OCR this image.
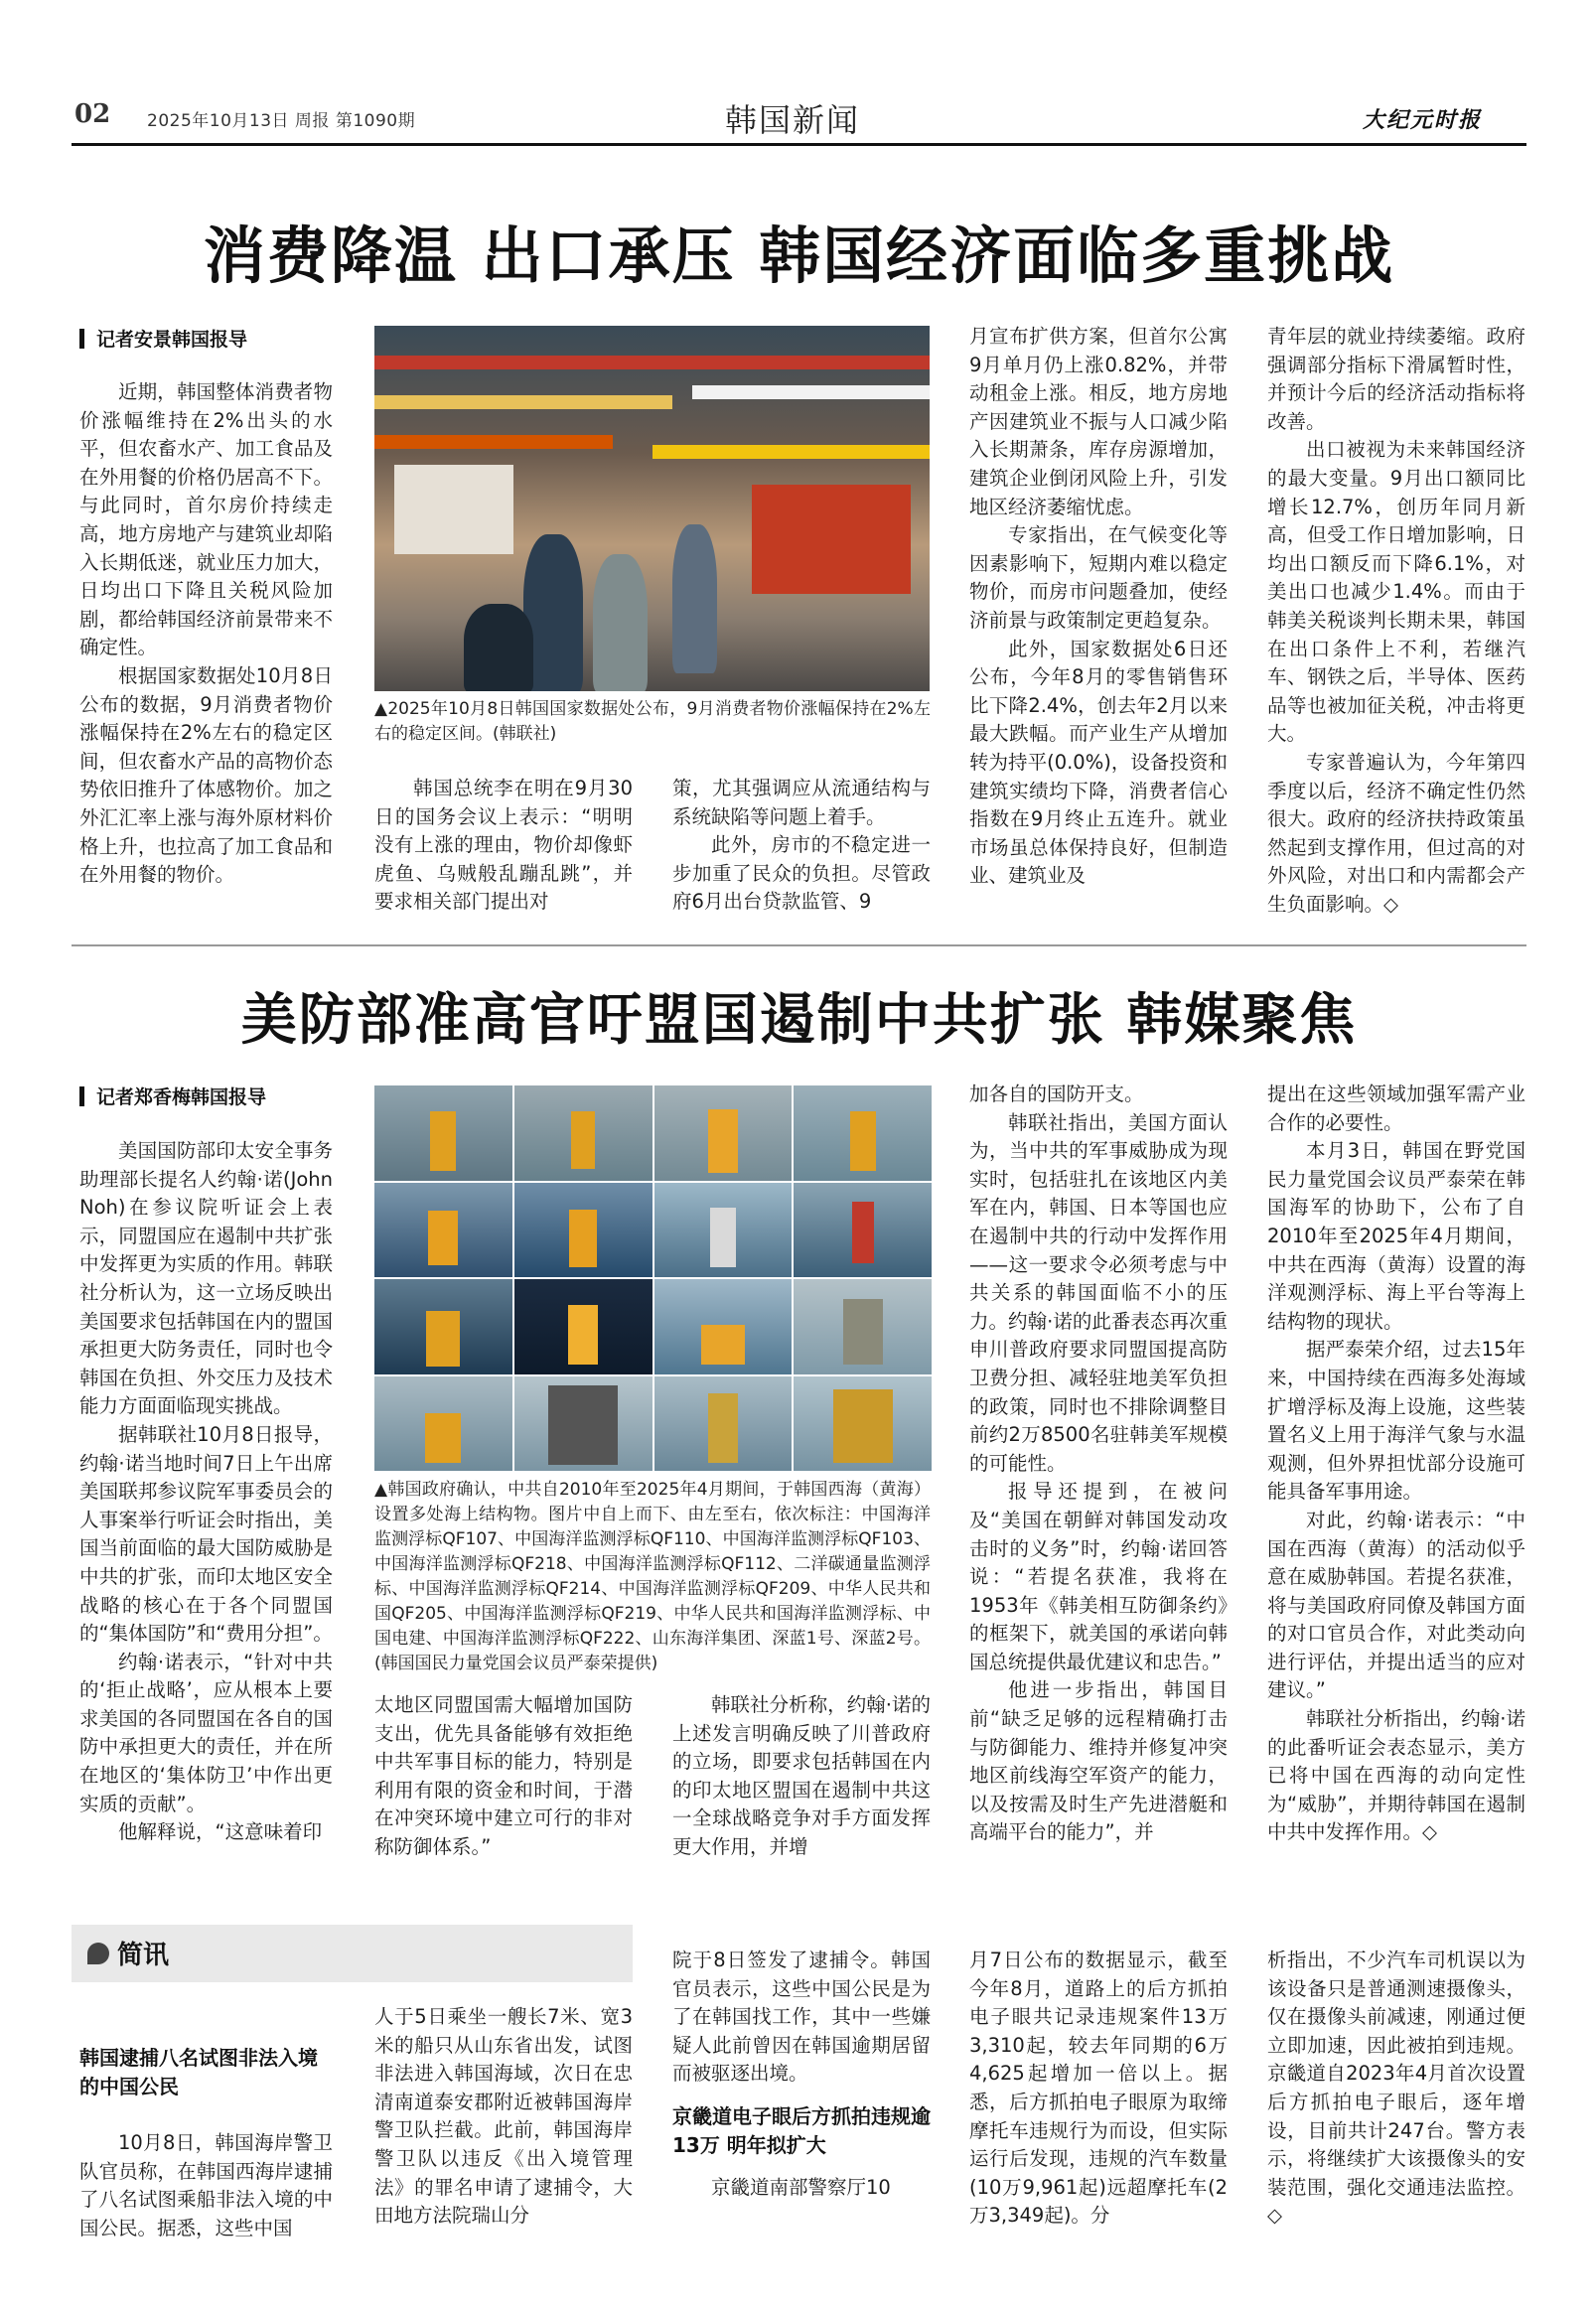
02 2025年10月13日 周报 第1090期	韩国新闻	大纪元时报
消费降温 出口承压 韩国经济面临多重挑战
记者安景韩国报导

近期，韩国整体消费者物价涨幅维持在2%出头的水平，但农畜水产、加工食品及在外用餐的价格仍居高不下。与此同时，首尔房价持续走高，地方房地产与建筑业却陷入长期低迷，就业压力加大，日均出口下降且关税风险加剧，都给韩国经济前景带来不确定性。

根据国家数据处10月8日公布的数据，9月消费者物价涨幅保持在2%左右的稳定区间，但农畜水产品的高物价态势依旧推升了体感物价。加之外汇汇率上涨与海外原材料价格上升，也拉高了加工食品和在外用餐的物价。

▲2025年10月8日韩国国家数据处公布，9月消费者物价涨幅保持在2%左右的稳定区间。(韩联社)

韩国总统李在明在9月30日的国务会议上表示：“明明没有上涨的理由，物价却像虾虎鱼、乌贼般乱蹦乱跳”，并要求相关部门提出对

策，尤其强调应从流通结构与系统缺陷等问题上着手。

此外，房市的不稳定进一步加重了民众的负担。尽管政府6月出台贷款监管、9

月宣布扩供方案，但首尔公寓9月单月仍上涨0.82%，并带动租金上涨。相反，地方房地产因建筑业不振与人口减少陷入长期萧条，库存房源增加，建筑企业倒闭风险上升，引发地区经济萎缩忧虑。

专家指出，在气候变化等因素影响下，短期内难以稳定物价，而房市问题叠加，使经济前景与政策制定更趋复杂。

此外，国家数据处6日还公布，今年8月的零售销售环比下降2.4%，创去年2月以来最大跌幅。而产业生产从增加转为持平(0.0%)，设备投资和建筑实绩均下降，消费者信心指数在9月终止五连升。就业市场虽总体保持良好，但制造业、建筑业及

青年层的就业持续萎缩。政府强调部分指标下滑属暂时性，并预计今后的经济活动指标将改善。

出口被视为未来韩国经济的最大变量。9月出口额同比增长12.7%，创历年同月新高，但受工作日增加影响，日均出口额反而下降6.1%，对美出口也减少1.4%。而由于韩美关税谈判长期未果，韩国在出口条件上不利，若继汽车、钢铁之后，半导体、医药品等也被加征关税，冲击将更大。

专家普遍认为，今年第四季度以后，经济不确定性仍然很大。政府的经济扶持政策虽然起到支撑作用，但过高的对外风险，对出口和内需都会产生负面影响。◇

美防部准高官吁盟国遏制中共扩张 韩媒聚焦
记者郑香梅韩国报导

美国国防部印太安全事务助理部长提名人约翰·诺(John Noh)在参议院听证会上表示，同盟国应在遏制中共扩张中发挥更为实质的作用。韩联社分析认为，这一立场反映出美国要求包括韩国在内的盟国承担更大防务责任，同时也令韩国在负担、外交压力及技术能力方面面临现实挑战。

据韩联社10月8日报导，约翰·诺当地时间7日上午出席美国联邦参议院军事委员会的人事案举行听证会时指出，美国当前面临的最大国防威胁是中共的扩张，而印太地区安全战略的核心在于各个同盟国的“集体国防”和“费用分担”。

约翰·诺表示，“针对中共的‘拒止战略’，应从根本上要求美国的各同盟国在各自的国防中承担更大的责任，并在所在地区的‘集体防卫’中作出更实质的贡献”。

他解释说，“这意味着印

▲韩国政府确认，中共自2010年至2025年4月期间，于韩国西海（黄海）设置多处海上结构物。图片中自上而下、由左至右，依次标注：中国海洋监测浮标QF107、中国海洋监测浮标QF110、中国海洋监测浮标QF103、中国海洋监测浮标QF218、中国海洋监测浮标QF112、二洋碳通量监测浮标、中国海洋监测浮标QF214、中国海洋监测浮标QF209、中华人民共和国QF205、中国海洋监测浮标QF219、中华人民共和国海洋监测浮标、中国电建、中国海洋监测浮标QF222、山东海洋集团、深蓝1号、深蓝2号。(韩国国民力量党国会议员严泰荣提供)

太地区同盟国需大幅增加国防支出，优先具备能够有效拒绝中共军事目标的能力，特别是利用有限的资金和时间，于潜在冲突环境中建立可行的非对称防御体系。”

韩联社分析称，约翰·诺的上述发言明确反映了川普政府的立场，即要求包括韩国在内的印太地区盟国在遏制中共这一全球战略竞争对手方面发挥更大作用，并增

加各自的国防开支。

韩联社指出，美国方面认为，当中共的军事威胁成为现实时，包括驻扎在该地区内美军在内，韩国、日本等国也应在遏制中共的行动中发挥作用——这一要求令必须考虑与中共关系的韩国面临不小的压力。约翰·诺的此番表态再次重申川普政府要求同盟国提高防卫费分担、减轻驻地美军负担的政策，同时也不排除调整目前约2万8500名驻韩美军规模的可能性。

报导还提到，在被问及“美国在朝鲜对韩国发动攻击时的义务”时，约翰·诺回答说：“若提名获准，我将在1953年《韩美相互防御条约》的框架下，就美国的承诺向韩国总统提供最优建议和忠告。”

他进一步指出，韩国目前“缺乏足够的远程精确打击与防御能力、维持并修复冲突地区前线海空军资产的能力，以及按需及时生产先进潜艇和高端平台的能力”，并

提出在这些领域加强军需产业合作的必要性。

本月3日，韩国在野党国民力量党国会议员严泰荣在韩国海军的协助下，公布了自2010年至2025年4月期间，中共在西海（黄海）设置的海洋观测浮标、海上平台等海上结构物的现状。

据严泰荣介绍，过去15年来，中国持续在西海多处海域扩增浮标及海上设施，这些装置名义上用于海洋气象与水温观测，但外界担忧部分设施可能具备军事用途。

对此，约翰·诺表示：“中国在西海（黄海）的活动似乎意在威胁韩国。若提名获准，将与美国政府同僚及韩国方面的对口官员合作，对此类动向进行评估，并提出适当的应对建议。”

韩联社分析指出，约翰·诺的此番听证会表态显示，美方已将中国在西海的动向定性为“威胁”，并期待韩国在遏制中共中发挥作用。◇

简讯
韩国逮捕八名试图非法入境的中国公民

10月8日，韩国海岸警卫队官员称，在韩国西海岸逮捕了八名试图乘船非法入境的中国公民。据悉，这些中国

人于5日乘坐一艘长7米、宽3米的船只从山东省出发，试图非法进入韩国海域，次日在忠清南道泰安郡附近被韩国海岸警卫队拦截。此前，韩国海岸警卫队以违反《出入境管理法》的罪名申请了逮捕令，大田地方法院瑞山分

院于8日签发了逮捕令。韩国官员表示，这些中国公民是为了在韩国找工作，其中一些嫌疑人此前曾因在韩国逾期居留而被驱逐出境。

京畿道电子眼后方抓拍违规逾13万 明年拟扩大

京畿道南部警察厅10

月7日公布的数据显示，截至今年8月，道路上的后方抓拍电子眼共记录违规案件13万3,310起，较去年同期的6万4,625起增加一倍以上。据悉，后方抓拍电子眼原为取缔摩托车违规行为而设，但实际运行后发现，违规的汽车数量(10万9,961起)远超摩托车(2万3,349起)。分

析指出，不少汽车司机误以为该设备只是普通测速摄像头，仅在摄像头前减速，刚通过便立即加速，因此被拍到违规。京畿道自2023年4月首次设置后方抓拍电子眼后，逐年增设，目前共计247台。警方表示，将继续扩大该摄像头的安装范围，强化交通违法监控。◇
